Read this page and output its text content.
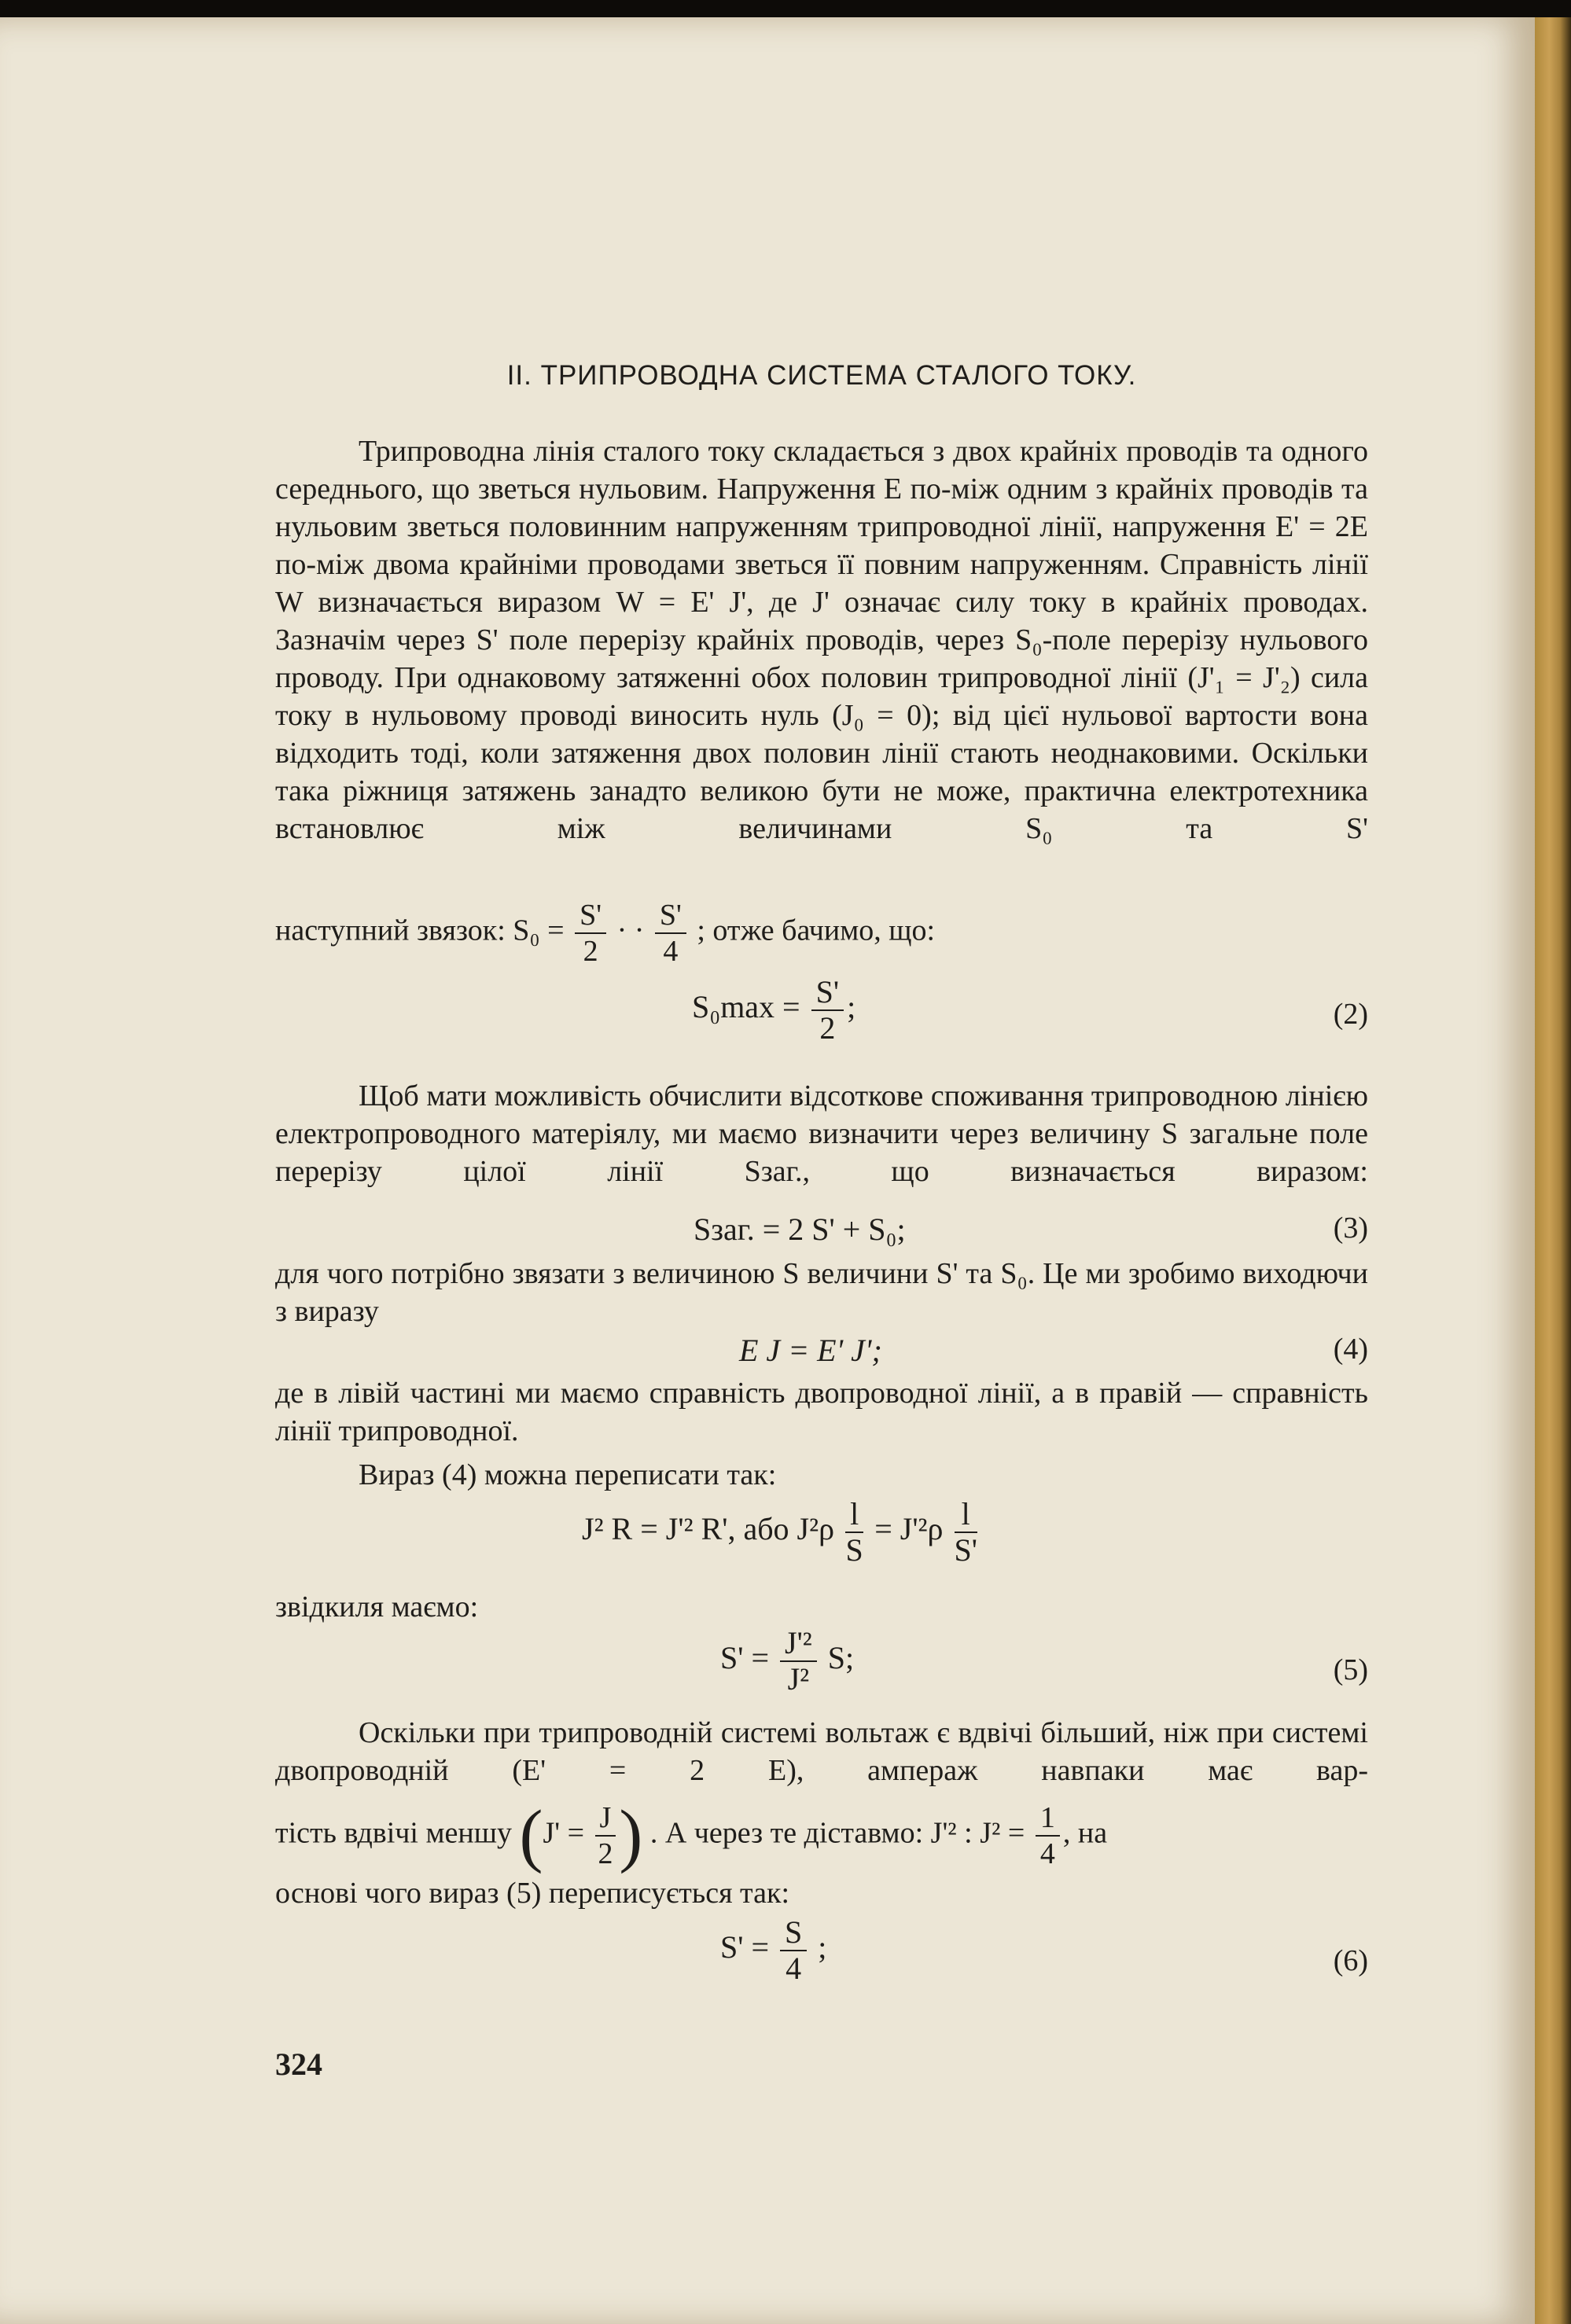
II. ТРИПРОВОДНА СИСТЕМА СТАЛОГО ТОКУ.
Трипроводна лінія сталого току складається з двох крайніх проводів та одного середнього, що зветься нульовим. Напруження E по-між одним з крайніх проводів та нульовим зветься половинним напруженням трипроводної лінії, напруження E' = 2E по-між двома крайніми проводами зветься її повним напруженням. Справність лінії W визначається виразом W = E' J', де J' означає силу току в крайніх проводах. Зазначім через S' поле перерізу крайніх проводів, через S₀-поле перерізу нульового проводу. При однаковому затяженні обох половин трипроводної лінії (J'₁ = J'₂) сила току в нульовому проводі виносить нуль (J₀ = 0); від цієї нульової вартости вона відходить тоді, коли затяження двох половин лінії стають неоднаковими. Оскільки така ріжниця затяжень занадто великою бути не може, практична електротехника встановлює між величинами S₀ та S'
наступний звязок: $S_0 = \frac{S'}{2}$ · · $\frac{S'}{4}$ ; отже бачимо, що:
$S_0\max = \frac{S'}{2}$ ;	(2)
Щоб мати можливість обчислити відсоткове споживання трипроводною лінією електропроводного матеріялу, ми маємо визначити через величину S загальне поле перерізу цілої лінії Sзаг., що визначається виразом:
Sзаг. = 2 S' + S₀;	(3)
для чого потрібно звязати з величиною S величини S' та S₀. Це ми зробимо виходючи з виразу
E J = E' J';	(4)
де в лівій частині ми маємо справність двопроводної лінії, а в правій — справність лінії трипроводної.
Вираз (4) можна переписати так:
J² R = J'² R', або $J^2\rho \frac{l}{S} = J'^2\rho \frac{l}{S'}$
звідкиля маємо:
$S' = \frac{\text{J'²}}{\text{J²}} S$;	(5)
Оскільки при трипроводній системі вольтаж є вдвічі більший, ніж при системі двопроводній (E' = 2 E), ампераж навпаки має вар-
тість вдвічі меншу ($J' = \frac{J}{2}$ ) . А через те діставмо: J'² : $J^2 = \frac{1}{4}$ , на
основі чого вираз (5) переписується так:
$S' = \frac{S}{4}$ ;	(6)
324
